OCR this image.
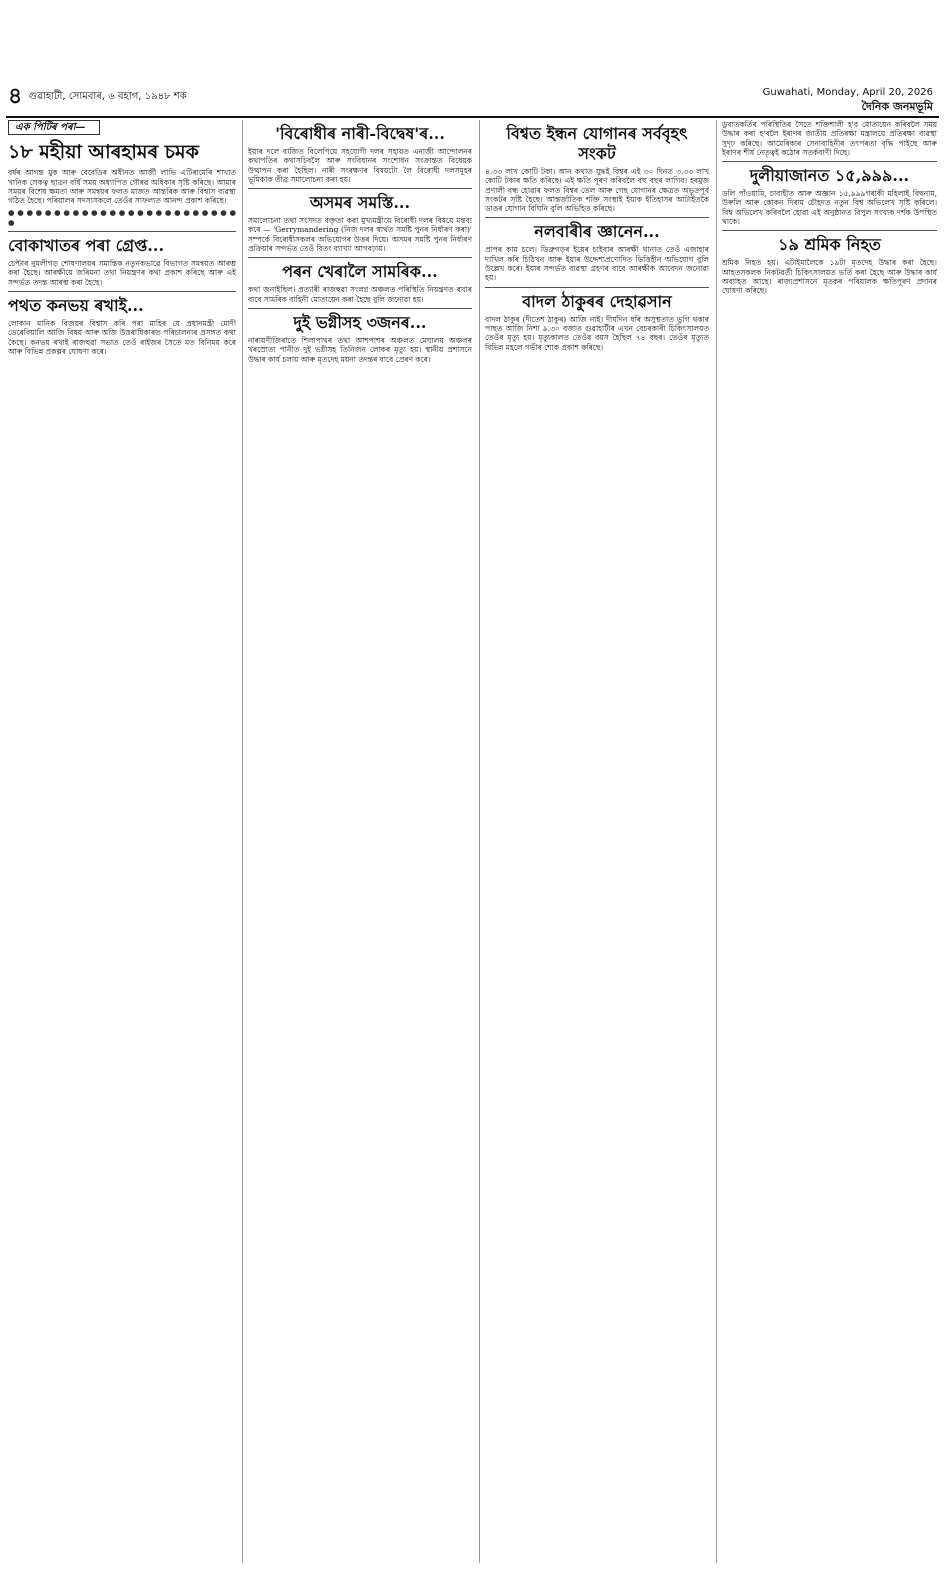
৪ গুৱাহাটী, সোমবাৰ, ৬ বহাগ, ১৯৪৮ শক	Guwahati, Monday, April 20, 2026
দৈনিক জনমভূমি
এক পিটিৰ পৰা—
১৮ মহীয়া আৰহামৰ চমক

বৰ্ষৰ আগন্ত মুক আৰু বেবেডিৰ অধীনত আৰ্জী লাভি এটিৰামেৰি শাখাত খানিক সেকত্ব ছাত্ৰন বৰ্ষি সময় অধ্যাপিত গৌৰৱ অধিকাৰ সৃষ্টি কৰিছে। আমাৰ সময়ৰ বিশেষ ক্ষমতা আৰু সমন্বয়ৰ ফলত মাজত আন্তৰিক আৰু বিশ্বাস ব্যৱস্থা গঠিত হৈছে। পৰিয়ালৰ সদস্যসকলে তেওঁৰ সাফল্যত আনন্দ প্ৰকাশ কৰিছে।

● ● ● ● ● ● ● ● ● ● ● ● ● ● ● ● ● ● ● ● ● ● ● ● ● ●
বোকাখাতৰ পৰা গ্ৰেপ্ত...

চেপ্টাৰ নুমলীগড় শোষণালয়ৰ সমান্তিক নতুনকভাৱে বিভাগত সমন্বয়ত আৰম্ভ কৰা হৈছে। আৰক্ষীয়ে জৰিমনা তথা নিয়ন্ত্ৰণৰ কথা প্ৰকাশ কৰিছে আৰু এই সন্দৰ্ভত তদন্ত আৰম্ভ কৰা হৈছে।

পথত কনভয় ৰখাই...

লোকান মানিক বিজয়ৰ বিশ্বাস কৰি পৰা মাহিৰ যে প্ৰধানমন্ত্ৰী মোদী ডেৰেবিয়ালি আজি বিষয় আৰু অজি উত্তৰাধিকাৰত পৰিচালনাৰ প্ৰসঙ্গত কথা কৈছে। কনভয় ৰখাই ৰাজহুৱা সভাত তেওঁ ৰাইজৰ সৈতে মত বিনিময় কৰে আৰু বিভিন্ন প্ৰকল্পৰ ঘোষণা কৰে।

'বিৰোধীৰ নাৰী-বিদ্বেষ'ৰ...

ইয়াৰ দলে বাজিত বিলেপিয়ে সহযোগী দলৰ সহায়ত এনাজী আন্দোলনৰ কথাপতিৰ কথাসচিবলৈ আৰু সংবিধানৰ সংশোধন সংক্ৰান্তত বিধেয়ক উত্থাপন কৰা হৈছিল। নাৰী সংৰক্ষণৰ বিষয়টো লৈ বিৰোধী দলসমূহৰ ভূমিকাক তীব্ৰ সমালোচনা কৰা হয়।

অসমৰ সমস্তি...

সমালোচনা তথা সংসদত বক্তৃতা কৰা মুখ্যমন্ত্ৰীয়ে বিৰোধী দলৰ বিষয়ে মন্তব্য কৰে — 'Gerrymandering (নিজ দলৰ স্বাৰ্থত সমষ্টি পুনৰ নিৰ্ধাৰণ কৰা)' সম্পৰ্কে বিৰোধীসকলৰ অভিযোগৰ উত্তৰ দিয়ে। অসমৰ সমষ্টি পুনৰ নিৰ্ধাৰণ প্ৰক্ৰিয়াৰ সন্দৰ্ভত তেওঁ বিতং ব্যাখ্যা আগবঢ়ায়।

পৰন খেৰালৈ সামৰিক...

কথা জনাইছিল। প্ৰত্যাৰী ৰাজহুৱা সংলগ্ন অঞ্চলত পৰিস্থিতি নিয়ন্ত্ৰণত ৰখাৰ বাবে সামৰিক বাহিনী মোতায়েন কৰা হৈছে বুলি জনোৱা হয়।

দুই ভগ্নীসহ ৩জনৰ...

নাৰায়ণীজিৰাতে শিলাপাথৰ তথা আশপাশৰ অঞ্চলত মেঘালয় অঞ্চলৰ খৰস্ৰোতা পানীত দুই ভগ্নীসহ তিনিজন লোকৰ মৃত্যু হয়। স্থানীয় প্ৰশাসনে উদ্ধাৰ কাৰ্য চলায় আৰু মৃতদেহ ময়না তদন্তৰ বাবে প্ৰেৰণ কৰে।

বিশ্বত ইন্ধন যোগানৰ সৰ্ববৃহৎ সংকট

৪.৩৩ লাখ কোটি টকা। আন কথাত যুদ্ধই বিশ্বৰ এই ৩০ দিনত ৩.৩৩ লাখ কোটি টকাৰ ক্ষতি কৰিছে। এই ক্ষতি পূৰণ কৰিবলৈ বহু বছৰ লাগিব। হৰমুজ প্ৰণালী বন্ধ হোৱাৰ ফলত বিশ্বৰ তেল আৰু গেছ যোগানৰ ক্ষেত্ৰত অভূতপূৰ্ব সংকটৰ সৃষ্টি হৈছে। আন্তৰ্জাতিক শক্তি সংস্থাই ইয়াক ইতিহাসৰ আটাইতকৈ ডাঙৰ যোগান বিঘিনি বুলি অভিহিত কৰিছে।

নলবাৰীৰ জ্ঞানেন...

প্ৰাপৰ কাম চলে। ডিব্ৰুগড়ৰ ইয়েৰ চাইবাৰ আৰক্ষী থানাত তেওঁ এজাহাৰ দাখিল কৰি চিঠিখন আৰু ইয়াৰ উদ্দেশ্যপ্ৰণোদিত ভিত্তিহীন অভিযোগ বুলি উল্লেখ কৰে। ইয়াৰ সন্দৰ্ভত ব্যৱস্থা গ্ৰহণৰ বাবে আৰক্ষীক আবেদন জনোৱা হয়।

বাদল ঠাকুৰৰ দেহাৱসান

বাদল ঠাকুৰ (দীতেশ ঠাকুৰ) আজি নাই। দীৰ্ঘদিন ধৰি অসুস্থতাত ভুগি থকাৰ পাছত আজি নিশা ৯.৩০ বজাত গুৱাহাটীৰ এখন বেচৰকাৰী চিকিৎসালয়ত তেওঁৰ মৃত্যু হয়। মৃত্যুকালত তেওঁৰ বয়স হৈছিল ৭৪ বছৰ। তেওঁৰ মৃত্যুত বিভিন্ন মহলে গভীৰ শোক প্ৰকাশ কৰিছে।

ডুবাতকৰ্তিৰ পৰিস্থিতিৰ সৈতে শক্তিশালী হ'ব মোতায়েন কৰিবলৈ সময় উদ্ধাৰ কৰা হ'বলৈ ইৰাণৰ জাতীয় প্ৰতিৰক্ষা মন্ত্ৰালয়ে প্ৰতিৰক্ষা ব্যৱস্থা সুদৃঢ় কৰিছে। আমেৰিকাৰ সেনাবাহিনীৰ তৎপৰতা বৃদ্ধি পাইছে আৰু ইৰাণৰ শীৰ্ষ নেতৃত্বই কঠোৰ সতৰ্কবাণী দিছে।

দুলীয়াজানত ১৫,৯৯৯...

ডলি পাঁওয়ামি, চাবাহীত আৰু অজ্ঞান ১৫,৯৯৯গৰাকী মহিলাই বিহুনাম, উৰুলি আৰু কোকন দিৰাম চৌহদত নতুন বিশ্ব অভিলেখ সৃষ্টি কৰিলে। বিশ্ব অভিলেখ কৰিবলৈ হোৱা এই অনুষ্ঠানত বিপুল সংখ্যক দৰ্শক উপস্থিত থাকে।

১৯ শ্ৰমিক নিহত

শ্ৰমিক নিহত হয়। এটাইমালৈকে ১৯টা মৃতদেহ উদ্ধাৰ কৰা হৈছে। আহতসকলক নিকটৱৰ্তী চিকিৎসালয়ত ভৰ্তি কৰা হৈছে আৰু উদ্ধাৰ কাৰ্য অব্যাহত আছে। ৰাজ্যপ্ৰশাসনে মৃতকৰ পৰিয়ালক ক্ষতিপূৰণ প্ৰদানৰ ঘোষণা কৰিছে।
